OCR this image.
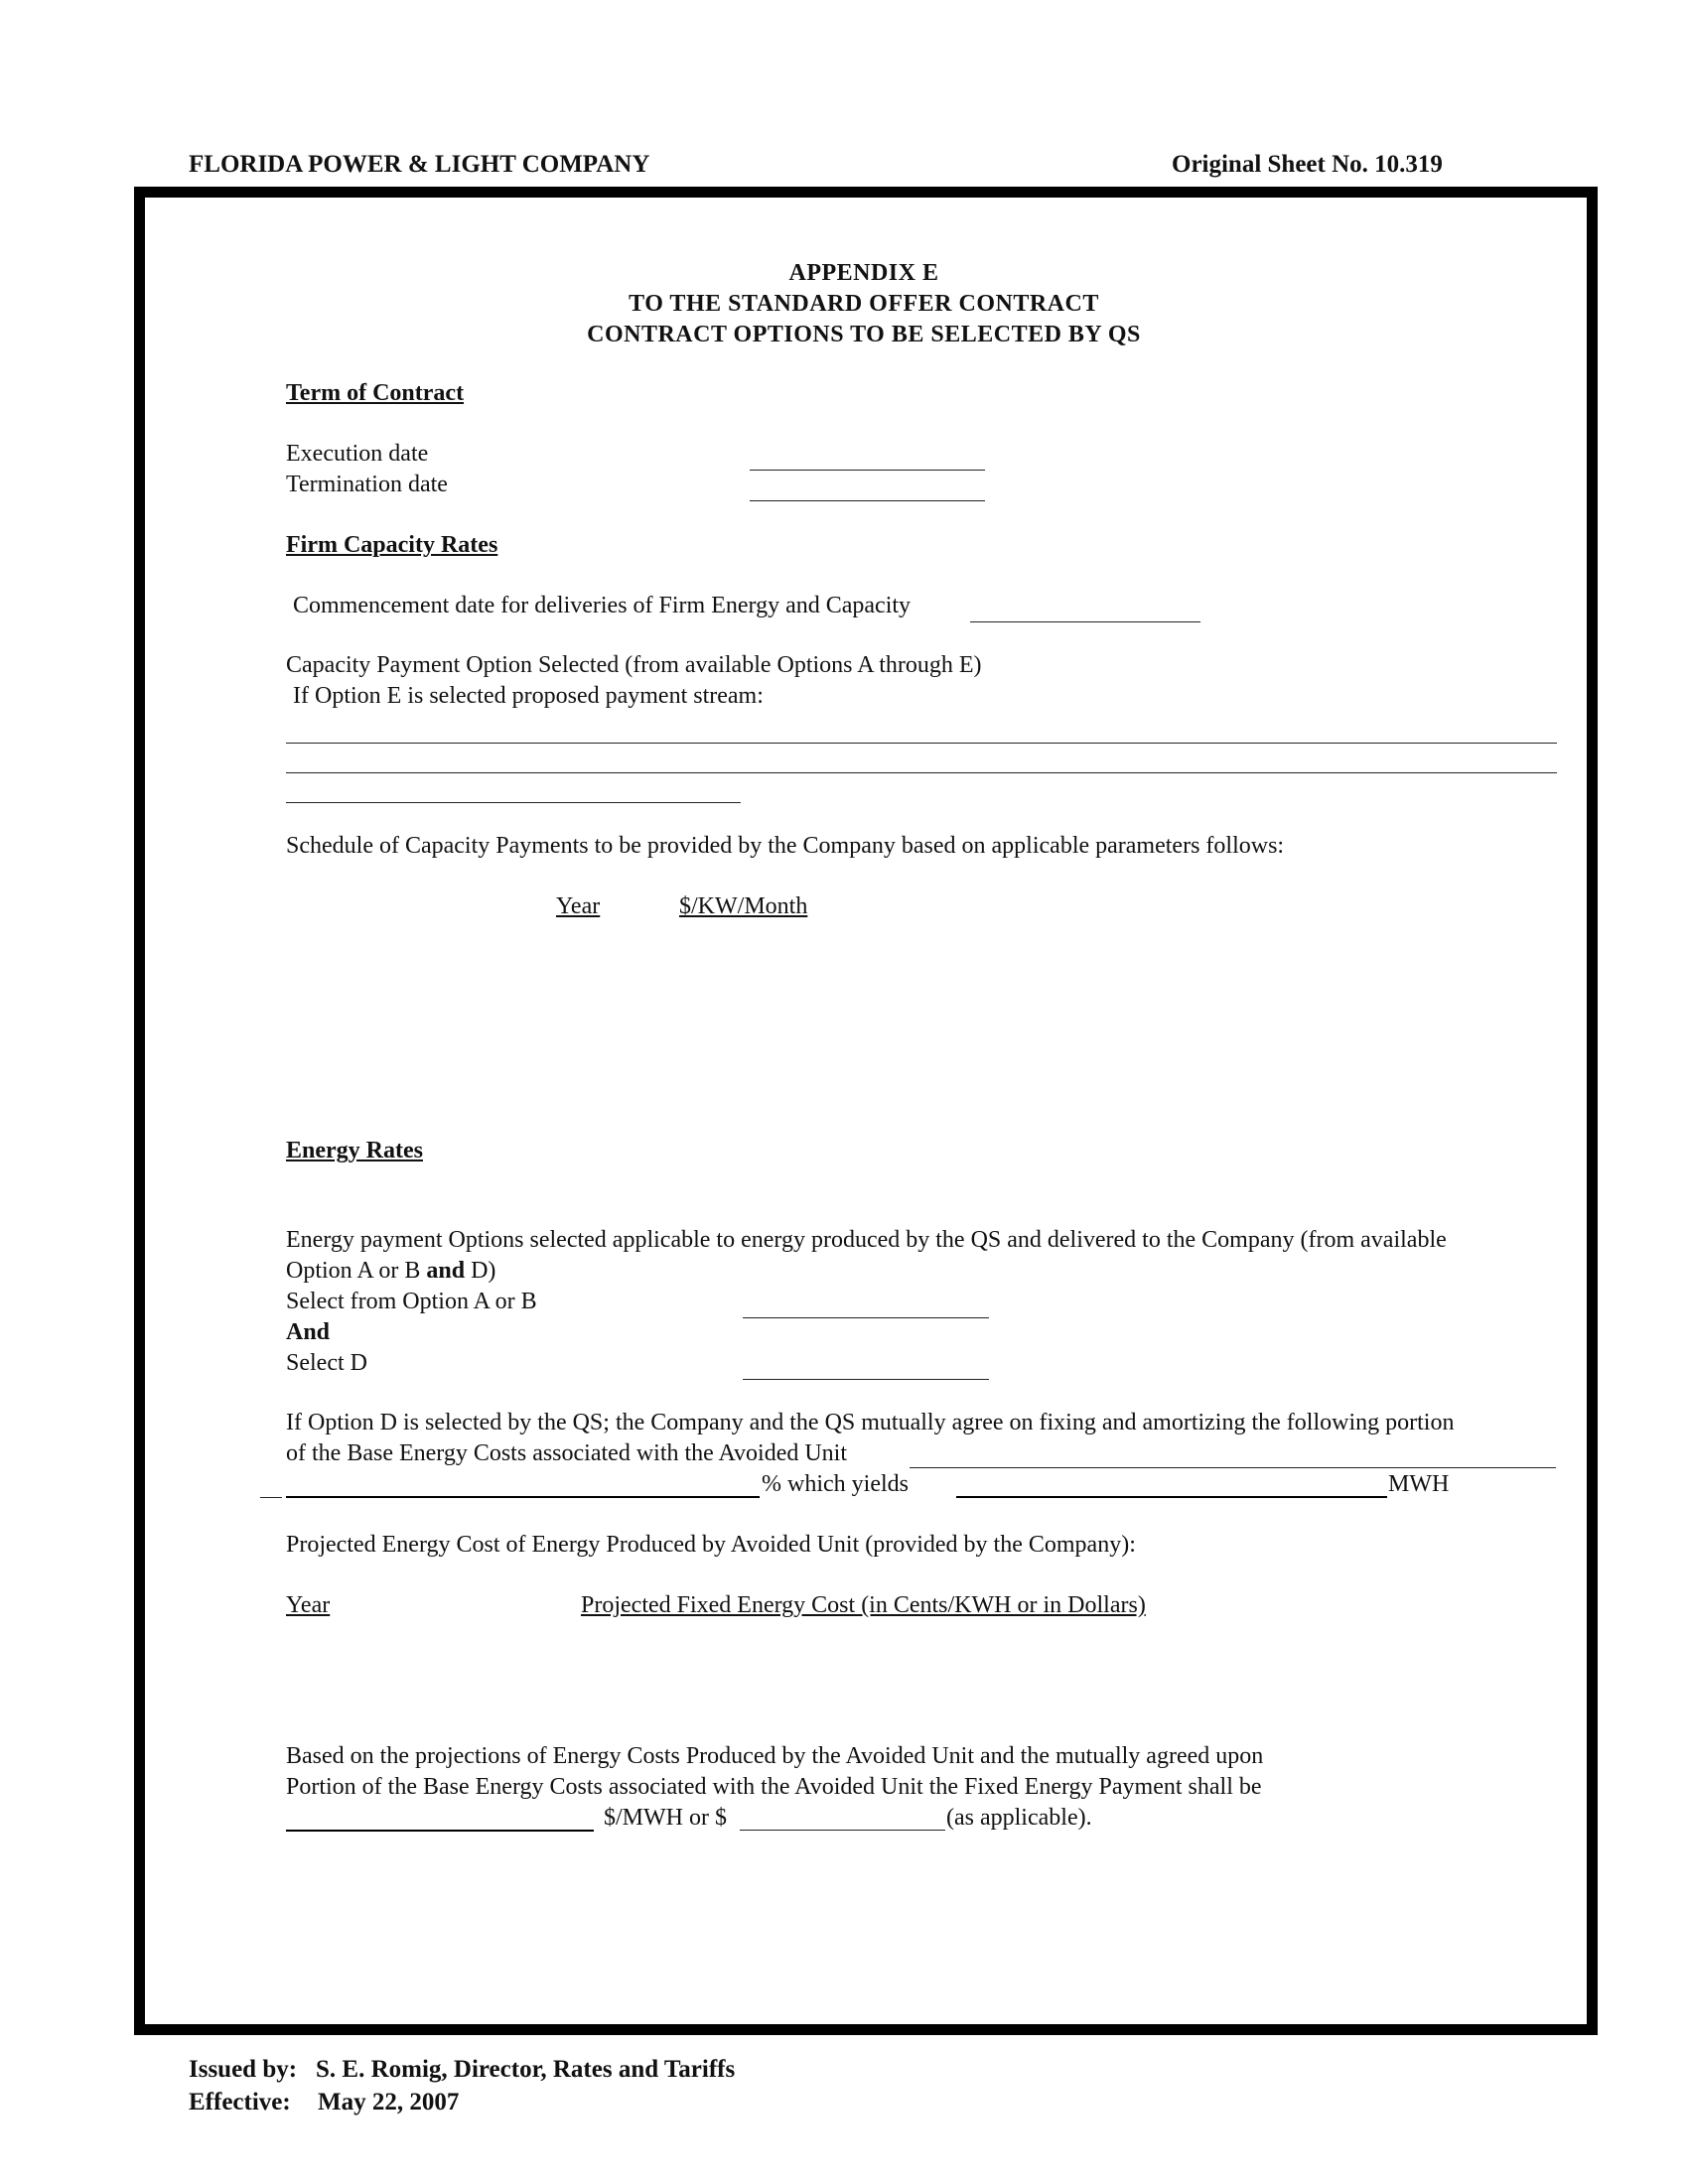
FLORIDA POWER & LIGHT COMPANY	Original Sheet No. 10.319
APPENDIX E
TO THE STANDARD OFFER CONTRACT
CONTRACT OPTIONS TO BE SELECTED BY QS
Term of Contract
Execution date
Termination date
Firm Capacity Rates
Commencement date for deliveries of Firm Energy and Capacity
Capacity Payment Option Selected (from available Options A through E)
If Option E is selected proposed payment stream:
Schedule of Capacity Payments to be provided by the Company based on applicable parameters follows:
Year	$/KW/Month
Energy Rates
Energy payment Options selected applicable to energy produced by the QS and delivered to the Company (from available
Option A or B and D)
Select from Option A or B
And
Select D
If Option D is selected by the QS; the Company and the QS mutually agree on fixing and amortizing the following portion
of the Base Energy Costs associated with the Avoided Unit
% which yields	MWH
Projected Energy Cost of Energy Produced by Avoided Unit (provided by the Company):
Year	Projected Fixed Energy Cost (in Cents/KWH or in Dollars)
Based on the projections of Energy Costs Produced by the Avoided Unit and the mutually agreed upon
Portion of the Base Energy Costs associated with the Avoided Unit the Fixed Energy Payment shall be
$/MWH or $	(as applicable).
Issued by: S. E. Romig, Director, Rates and Tariffs
Effective: May 22, 2007
